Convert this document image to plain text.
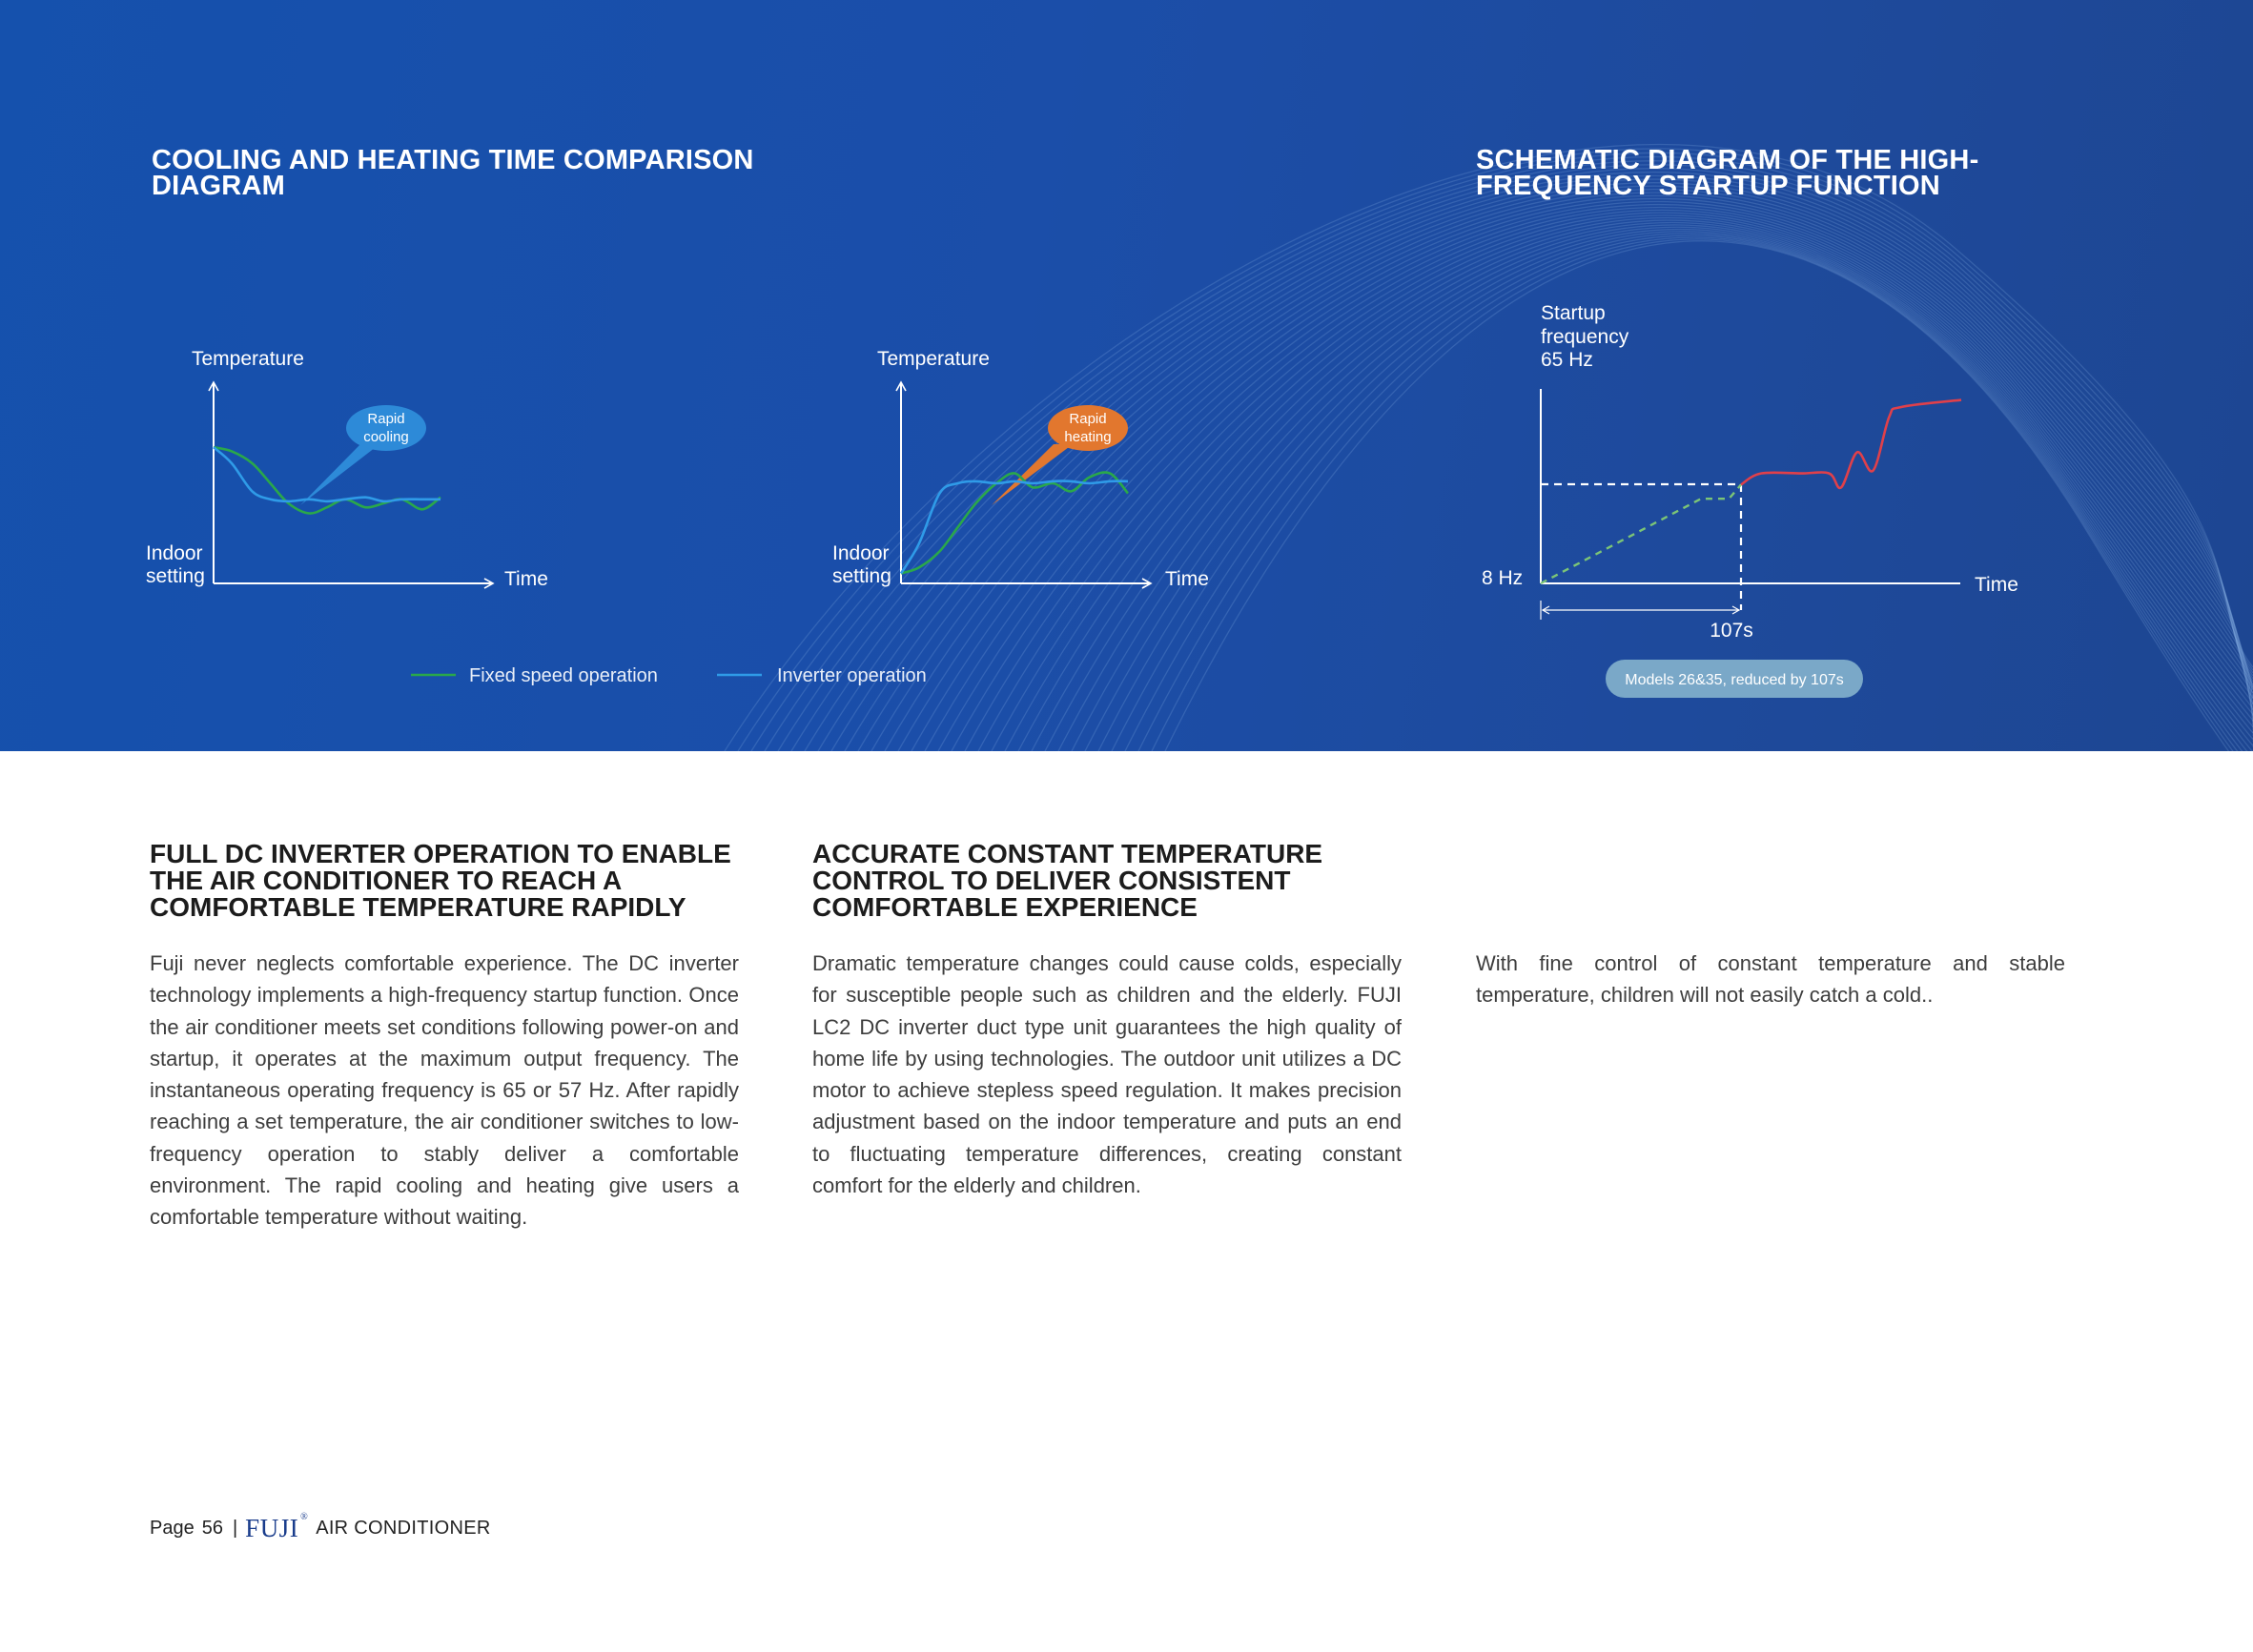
COOLING AND HEATING TIME COMPARISON DIAGRAM
SCHEMATIC DIAGRAM OF THE HIGH-FREQUENCY STARTUP FUNCTION
Temperature
Time
Indoor
setting
Rapid
cooling
Temperature
Time
Indoor
setting
Rapid
heating
Fixed speed operation	Inverter operation
Startup
frequency
65 Hz
8 Hz	Time
107s
Models 26&35, reduced by 107s
FULL DC INVERTER OPERATION TO ENABLE THE AIR CONDITIONER TO REACH A COMFORTABLE TEMPERATURE RAPIDLY
Fuji never neglects comfortable experience. The DC inverter technology implements a high-frequency startup function. Once the air conditioner meets set conditions following power-on and startup, it operates at the maximum output frequency. The instantaneous operating frequency is 65 or 57 Hz. After rapidly reaching a set temperature, the air conditioner switches to low-frequency operation to stably deliver a comfortable environment. The rapid cooling and heating give users a comfortable temperature without waiting.
ACCURATE CONSTANT TEMPERATURE CONTROL TO DELIVER CONSISTENT COMFORTABLE EXPERIENCE
Dramatic temperature changes could cause colds, especially for susceptible people such as children and the elderly. FUJI LC2 DC inverter duct type unit guarantees the high quality of home life by using technologies. The outdoor unit utilizes a DC motor to achieve stepless speed regulation. It makes precision adjustment based on the indoor temperature and puts an end to fluctuating temperature differences, creating constant comfort for the elderly and children.
With fine control of constant temperature and stable temperature, children will not easily catch a cold..
Page 56 | FUJI ®
AIR CONDITIONER
